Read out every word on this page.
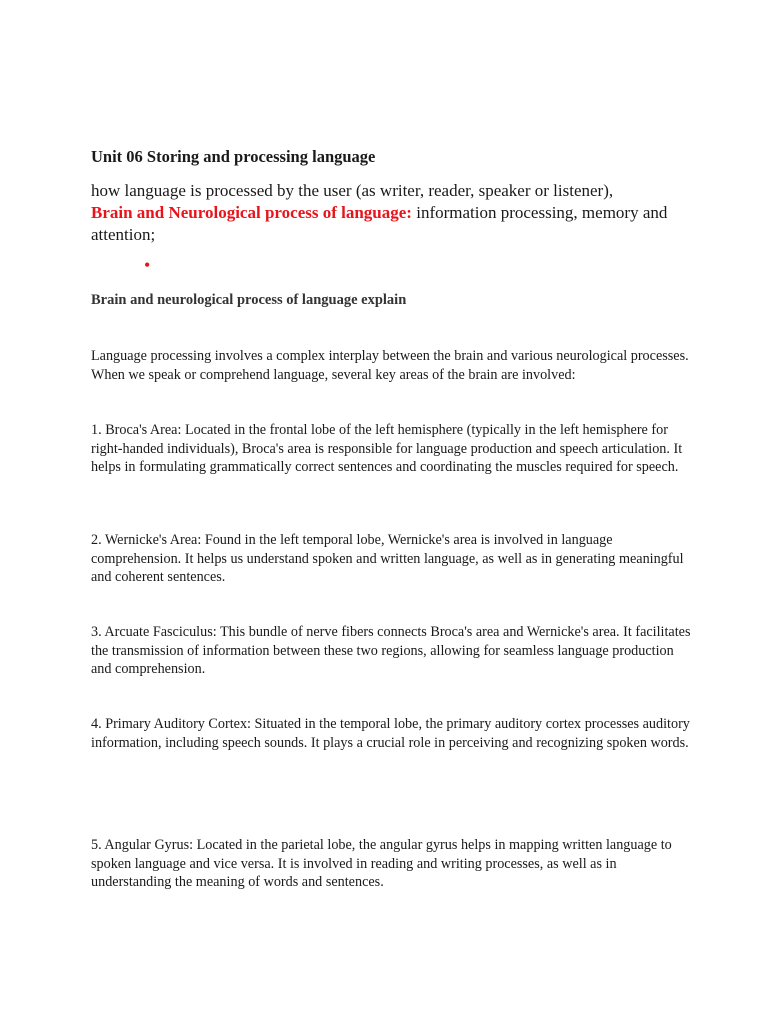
Unit 06 Storing and processing language

how language is processed by the user (as writer, reader, speaker or listener),
Brain and Neurological process of language: information processing, memory and attention;

•
Brain and neurological process of language explain

Language processing involves a complex interplay between the brain and various neurological processes. When we speak or comprehend language, several key areas of the brain are involved:

1. Broca's Area: Located in the frontal lobe of the left hemisphere (typically in the left hemisphere for right-handed individuals), Broca's area is responsible for language production and speech articulation. It helps in formulating grammatically correct sentences and coordinating the muscles required for speech.

2. Wernicke's Area: Found in the left temporal lobe, Wernicke's area is involved in language comprehension. It helps us understand spoken and written language, as well as in generating meaningful and coherent sentences.

3. Arcuate Fasciculus: This bundle of nerve fibers connects Broca's area and Wernicke's area. It facilitates the transmission of information between these two regions, allowing for seamless language production and comprehension.

4. Primary Auditory Cortex: Situated in the temporal lobe, the primary auditory cortex processes auditory information, including speech sounds. It plays a crucial role in perceiving and recognizing spoken words.

5. Angular Gyrus: Located in the parietal lobe, the angular gyrus helps in mapping written language to spoken language and vice versa. It is involved in reading and writing processes, as well as in understanding the meaning of words and sentences.
